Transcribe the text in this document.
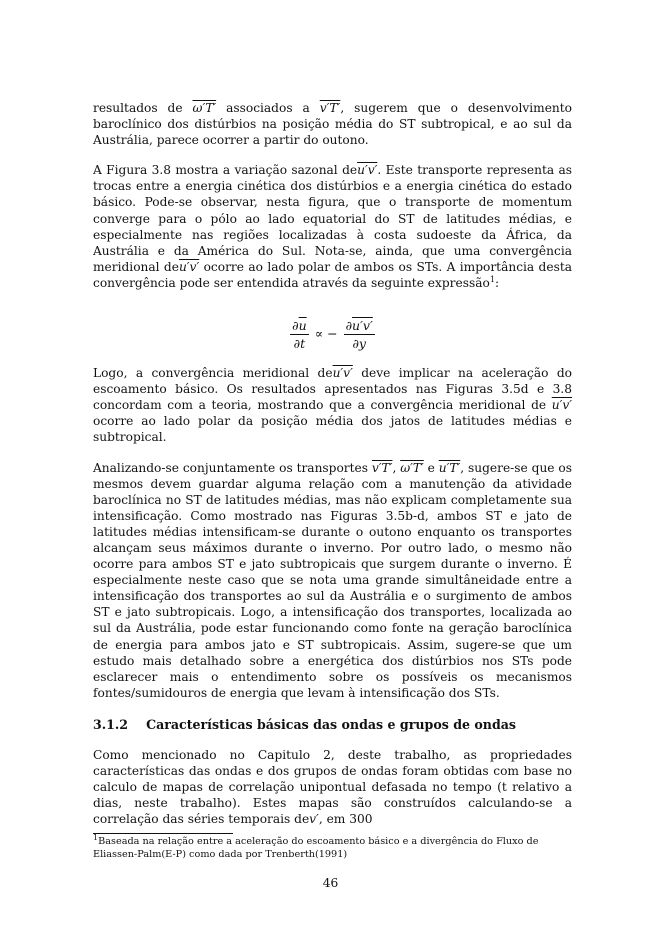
resultados de ω′T′ associados a v′T′, sugerem que o desenvolvimento baroclínico dos distúrbios na posição média do ST subtropical, e ao sul da Austrália, parece ocorrer a partir do outono.

A Figura 3.8 mostra a variação sazonal deu′v′. Este transporte representa as trocas entre a energia cinética dos distúrbios e a energia cinética do estado básico. Pode-se observar, nesta figura, que o transporte de momentum converge para o pólo ao lado equatorial do ST de latitudes médias, e especialmente nas regiões localizadas à costa sudoeste da África, da Austrália e da América do Sul. Nota-se, ainda, que uma convergência meridional deu′v′ ocorre ao lado polar de ambos os STs. A importância desta convergência pode ser entendida através da seguinte expressão$^1$:

Logo, a convergência meridional deu′v′ deve implicar na aceleração do escoamento básico. Os resultados apresentados nas Figuras 3.5d e 3.8 concordam com a teoria, mostrando que a convergência meridional de u′v′ ocorre ao lado polar da posição média dos jatos de latitudes médias e subtropical.

Analizando-se conjuntamente os transportes v′T′, ω′T′ e u′T′, sugere-se que os mesmos devem guardar alguma relação com a manutenção da atividade baroclínica no ST de latitudes médias, mas não explicam completamente sua intensificação. Como mostrado nas Figuras 3.5b-d, ambos ST e jato de latitudes médias intensificam-se durante o outono enquanto os transportes alcançam seus máximos durante o inverno. Por outro lado, o mesmo não ocorre para ambos ST e jato subtropicais que surgem durante o inverno. É especialmente neste caso que se nota uma grande simultâneidade entre a intensificação dos transportes ao sul da Austrália e o surgimento de ambos ST e jato subtropicais. Logo, a intensificação dos transportes, localizada ao sul da Austrália, pode estar funcionando como fonte na geração baroclínica de energia para ambos jato e ST subtropicais. Assim, sugere-se que um estudo mais detalhado sobre a energética dos distúrbios nos STs pode esclarecer mais o entendimento sobre os possíveis os mecanismos fontes/sumidouros de energia que levam à intensificação dos STs.

3.1.2 Características básicas das ondas e grupos de ondas

Como mencionado no Capitulo 2, deste trabalho, as propriedades características das ondas e dos grupos de ondas foram obtidas com base no calculo de mapas de correlação unipontual defasada no tempo (t relativo a dias, neste trabalho). Estes mapas são construídos calculando-se a correlação das séries temporais dev′, em 300

$^1$Baseada na relação entre a aceleração do escoamento básico e a divergência do Fluxo de Eliassen-Palm(E-P) como dada por Trenberth(1991)

$\frac{\partial\overline{u}}{\partial t}$ ∝ − $\frac{\partial u'v'}{\partial y}$
46
